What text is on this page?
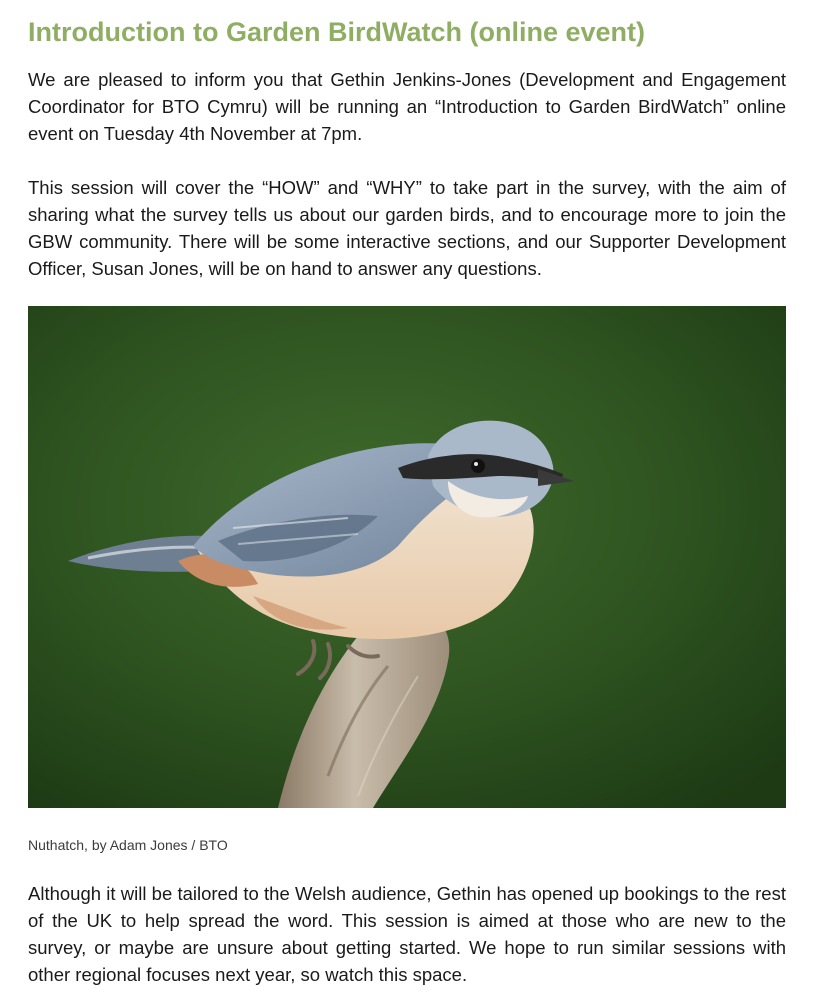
Introduction to Garden BirdWatch (online event)

We are pleased to inform you that Gethin Jenkins-Jones (Development and Engagement Coordinator for BTO Cymru) will be running an “Introduction to Garden BirdWatch” online event on Tuesday 4th November at 7pm.

This session will cover the “HOW” and “WHY” to take part in the survey, with the aim of sharing what the survey tells us about our garden birds, and to encourage more to join the GBW community. There will be some interactive sections, and our Supporter Development Officer, Susan Jones, will be on hand to answer any questions.

Nuthatch, by Adam Jones / BTO

Although it will be tailored to the Welsh audience, Gethin has opened up bookings to the rest of the UK to help spread the word. This session is aimed at those who are new to the survey, or maybe are unsure about getting started. We hope to run similar sessions with other regional focuses next year, so watch this space.
